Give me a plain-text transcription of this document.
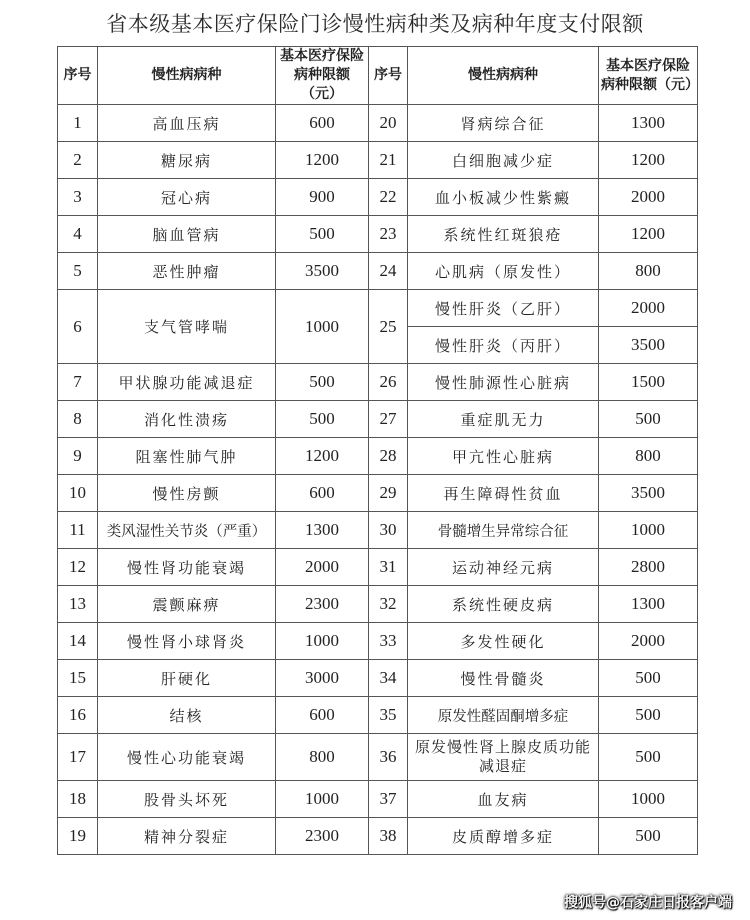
省本级基本医疗保险门诊慢性病种类及病种年度支付限额
序号	慢性病病种	基本医疗保险病种限额（元）	序号	慢性病病种	基本医疗保险病种限额（元）
1	高血压病	600	20	肾病综合征	1300
2	糖尿病	1200	21	白细胞减少症	1200
3	冠心病	900	22	血小板减少性紫癜	2000
4	脑血管病	500	23	系统性红斑狼疮	1200
5	恶性肿瘤	3500	24	心肌病（原发性）	800
6	支气管哮喘	1000	25	慢性肝炎（乙肝）	2000
				慢性肝炎（丙肝）	3500
7	甲状腺功能减退症	500	26	慢性肺源性心脏病	1500
8	消化性溃疡	500	27	重症肌无力	500
9	阻塞性肺气肿	1200	28	甲亢性心脏病	800
10	慢性房颤	600	29	再生障碍性贫血	3500
11	类风湿性关节炎（严重）	1300	30	骨髓增生异常综合征	1000
12	慢性肾功能衰竭	2000	31	运动神经元病	2800
13	震颤麻痹	2300	32	系统性硬皮病	1300
14	慢性肾小球肾炎	1000	33	多发性硬化	2000
15	肝硬化	3000	34	慢性骨髓炎	500
16	结核	600	35	原发性醛固酮增多症	500
17	慢性心功能衰竭	800	36	原发慢性肾上腺皮质功能减退症	500
18	股骨头坏死	1000	37	血友病	1000
19	精神分裂症	2300	38	皮质醇增多症	500
搜狐号@石家庄日报客户端
